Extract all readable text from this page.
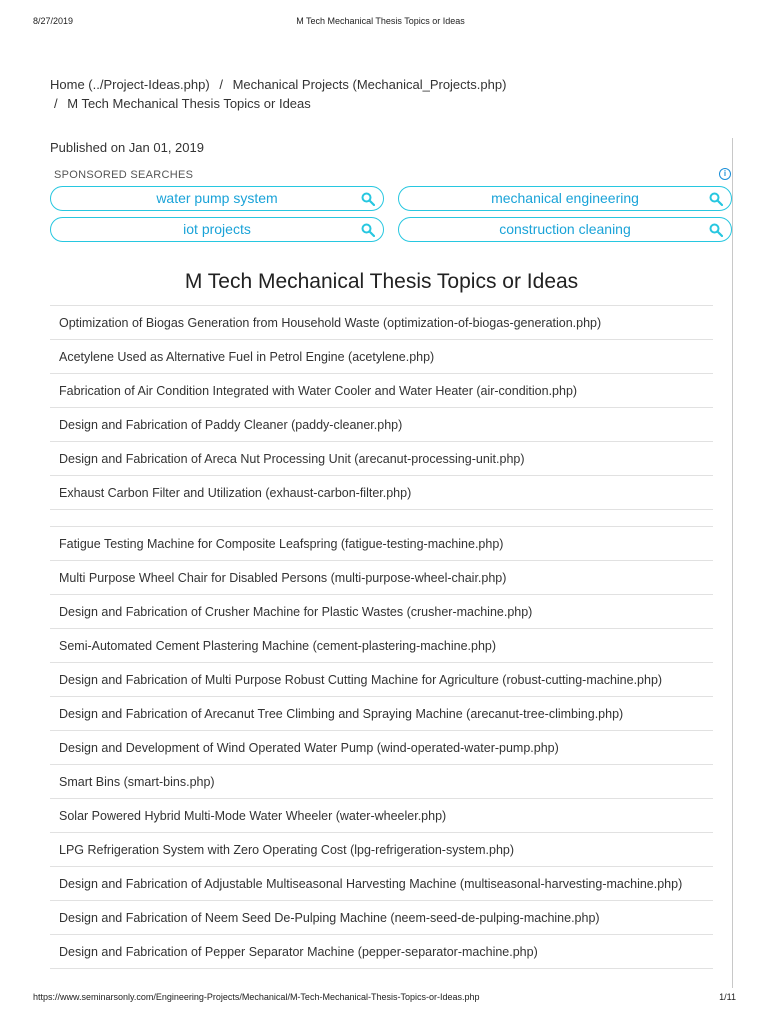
8/27/2019	M Tech Mechanical Thesis Topics or Ideas
Home (../Project-Ideas.php) / Mechanical Projects (Mechanical_Projects.php)
/ M Tech Mechanical Thesis Topics or Ideas
Published on Jan 01, 2019
SPONSORED SEARCHES	i
water pump system	mechanical engineering
iot projects	construction cleaning
M Tech Mechanical Thesis Topics or Ideas
Optimization of Biogas Generation from Household Waste (optimization-of-biogas-generation.php)
Acetylene Used as Alternative Fuel in Petrol Engine (acetylene.php)
Fabrication of Air Condition Integrated with Water Cooler and Water Heater (air-condition.php)
Design and Fabrication of Paddy Cleaner (paddy-cleaner.php)
Design and Fabrication of Areca Nut Processing Unit (arecanut-processing-unit.php)
Exhaust Carbon Filter and Utilization (exhaust-carbon-filter.php)
Fatigue Testing Machine for Composite Leafspring (fatigue-testing-machine.php)
Multi Purpose Wheel Chair for Disabled Persons (multi-purpose-wheel-chair.php)
Design and Fabrication of Crusher Machine for Plastic Wastes (crusher-machine.php)
Semi-Automated Cement Plastering Machine (cement-plastering-machine.php)
Design and Fabrication of Multi Purpose Robust Cutting Machine for Agriculture (robust-cutting-machine.php)
Design and Fabrication of Arecanut Tree Climbing and Spraying Machine (arecanut-tree-climbing.php)
Design and Development of Wind Operated Water Pump (wind-operated-water-pump.php)
Smart Bins (smart-bins.php)
Solar Powered Hybrid Multi-Mode Water Wheeler (water-wheeler.php)
LPG Refrigeration System with Zero Operating Cost (lpg-refrigeration-system.php)
Design and Fabrication of Adjustable Multiseasonal Harvesting Machine (multiseasonal-harvesting-machine.php)
Design and Fabrication of Neem Seed De-Pulping Machine (neem-seed-de-pulping-machine.php)
Design and Fabrication of Pepper Separator Machine (pepper-separator-machine.php)
https://www.seminarsonly.com/Engineering-Projects/Mechanical/M-Tech-Mechanical-Thesis-Topics-or-Ideas.php	1/11
